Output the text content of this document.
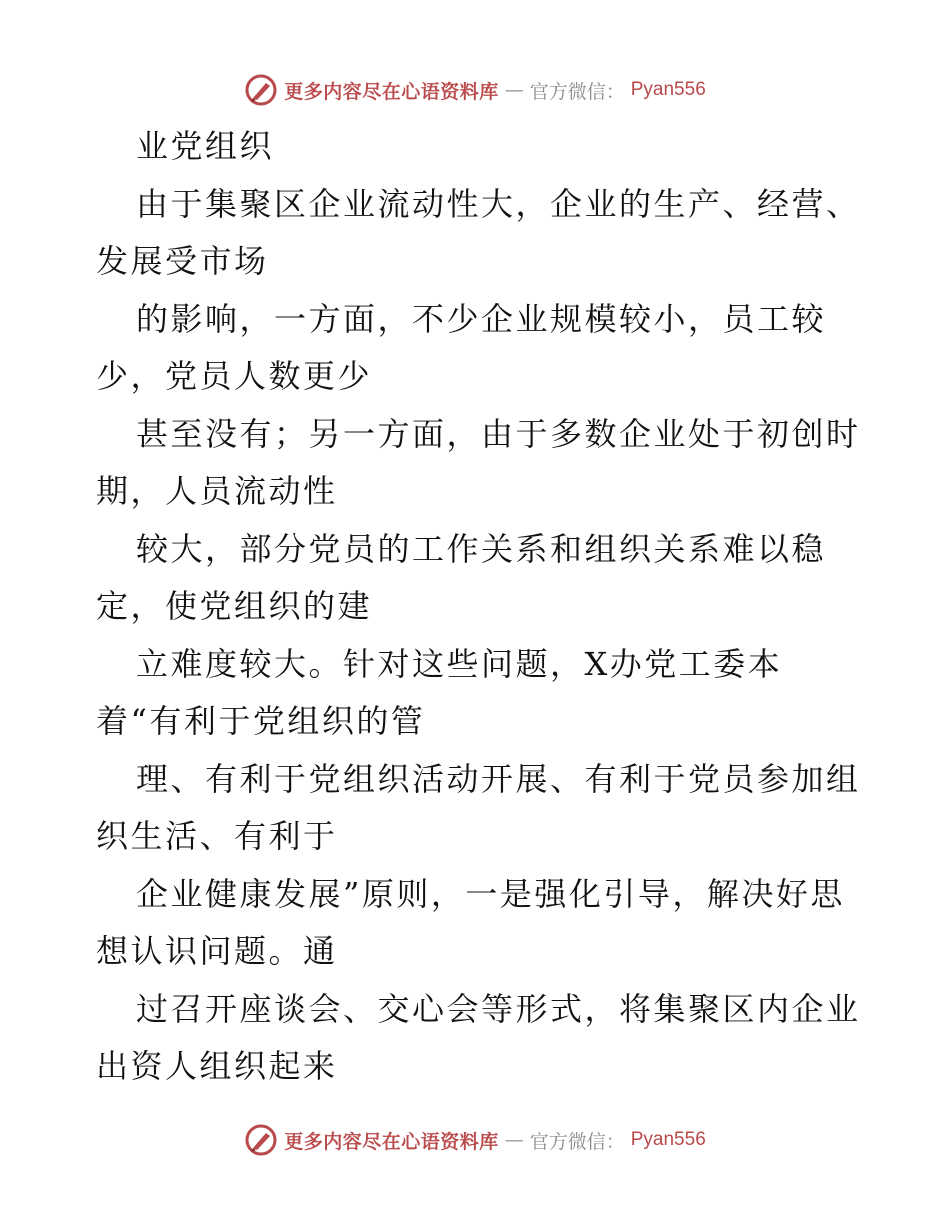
更多内容尽在心语资料库 — 官方微信： Pyan556
业党组织
由于集聚区企业流动性大，企业的生产、经营、
发展受市场
的影响，一方面，不少企业规模较小，员工较
少，党员人数更少
甚至没有；另一方面，由于多数企业处于初创时
期，人员流动性
较大，部分党员的工作关系和组织关系难以稳
定，使党组织的建
立难度较大。针对这些问题，X办党工委本
着“有利于党组织的管
理、有利于党组织活动开展、有利于党员参加组
织生活、有利于
企业健康发展”原则，一是强化引导，解决好思
想认识问题。通
过召开座谈会、交心会等形式，将集聚区内企业
出资人组织起来
更多内容尽在心语资料库 — 官方微信： Pyan556
